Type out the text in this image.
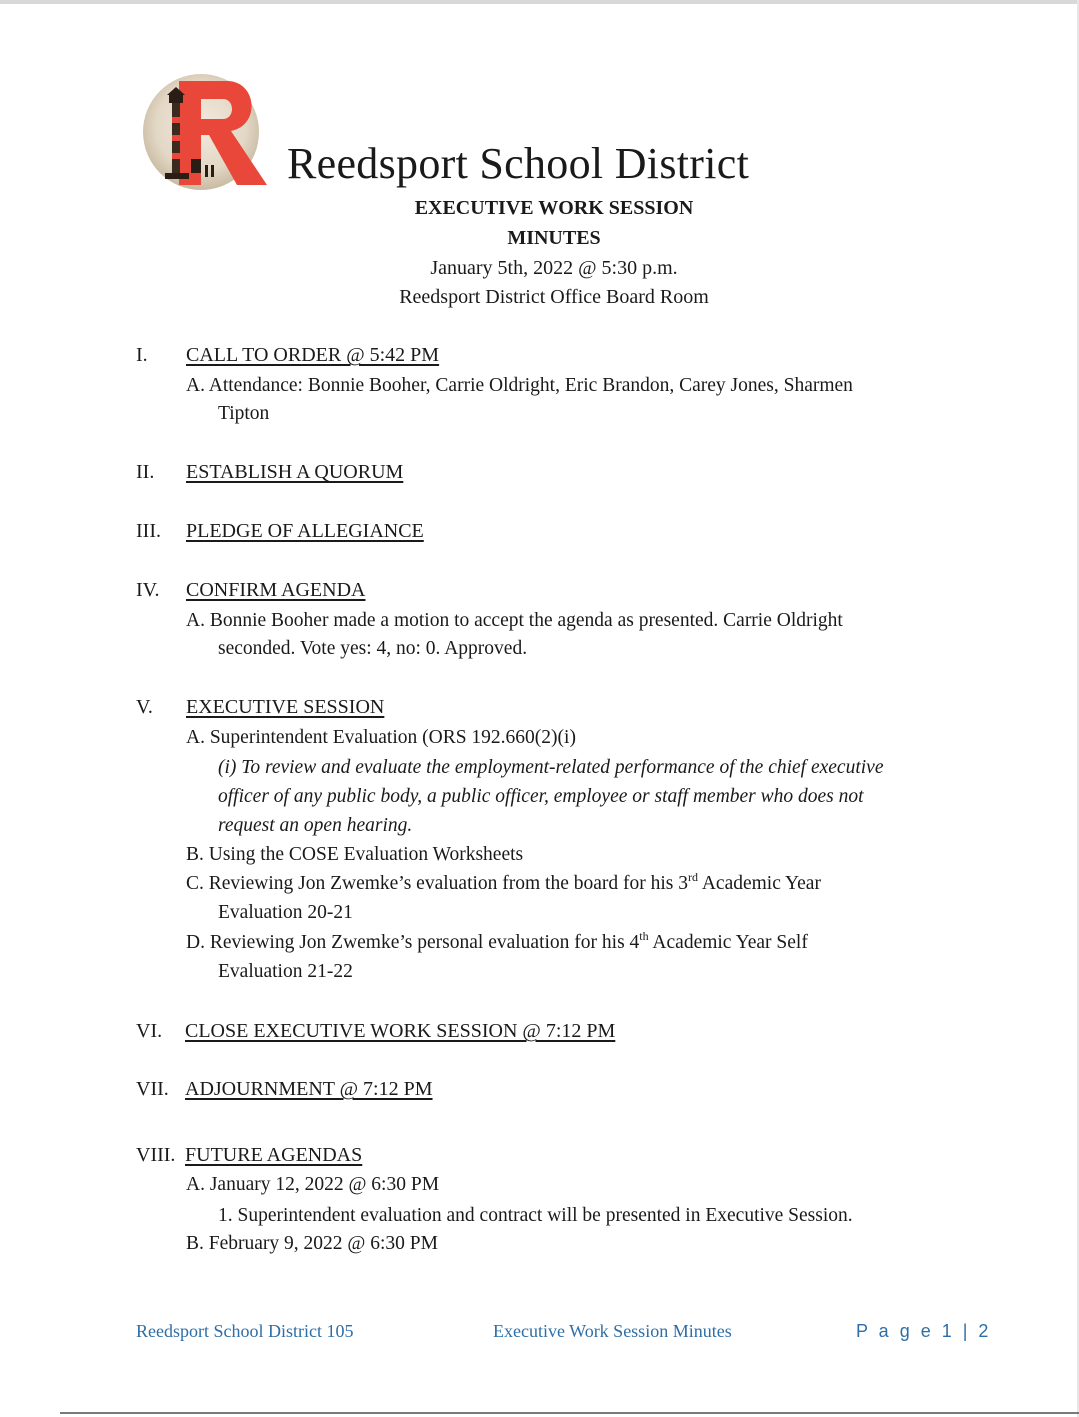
Reedsport School District
EXECUTIVE WORK SESSION
MINUTES
January 5th, 2022 @ 5:30 p.m.
Reedsport District Office Board Room
I. CALL TO ORDER @ 5:42 PM
A. Attendance: Bonnie Booher, Carrie Oldright, Eric Brandon, Carey Jones, Sharmen
Tipton
II. ESTABLISH A QUORUM
III. PLEDGE OF ALLEGIANCE
IV. CONFIRM AGENDA
A. Bonnie Booher made a motion to accept the agenda as presented. Carrie Oldright
seconded. Vote yes: 4, no: 0. Approved.
V. EXECUTIVE SESSION
A. Superintendent Evaluation (ORS 192.660(2)(i)
(i) To review and evaluate the employment-related performance of the chief executive
officer of any public body, a public officer, employee or staff member who does not
request an open hearing.
B. Using the COSE Evaluation Worksheets
C. Reviewing Jon Zwemke’s evaluation from the board for his 3rd Academic Year
Evaluation 20-21
D. Reviewing Jon Zwemke’s personal evaluation for his 4th Academic Year Self
Evaluation 21-22
VI. CLOSE EXECUTIVE WORK SESSION @ 7:12 PM
VII. ADJOURNMENT @ 7:12 PM
VIII. FUTURE AGENDAS
A. January 12, 2022 @ 6:30 PM
1. Superintendent evaluation and contract will be presented in Executive Session.
B. February 9, 2022 @ 6:30 PM
Reedsport School District 105	Executive Work Session Minutes	P a g e 1 | 2
